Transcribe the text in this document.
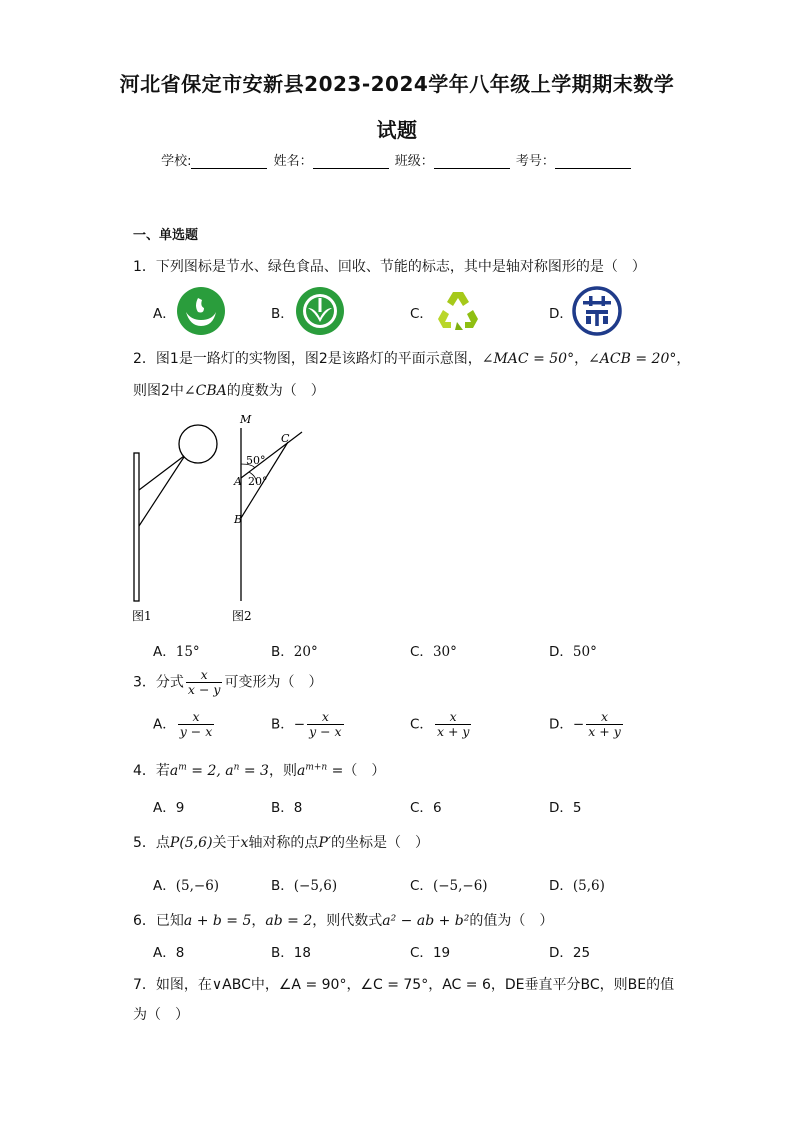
河北省保定市安新县2023-2024学年八年级上学期期末数学
试题
学校:	姓名：	班级：	考号：
一、单选题
1．下列图标是节水、绿色食品、回收、节能的标志，其中是轴对称图形的是（　）
A．	B．	C．	D．
2．图1是一路灯的实物图，图2是该路灯的平面示意图，∠MAC = 50°，∠ACB = 20°，
则图2中∠CBA的度数为（　）
图1
M
C
A
B
50°
20°
图2
A．15°	B．20°	C．30°	D．50°
3．分式 $\frac{x}{x - y}$ 可变形为（　）
A． $\frac{x}{y - x}$	B．− $\frac{x}{y - x}$	C． $\frac{x}{x + y}$	D．− $\frac{x}{x + y}$
4．若$a^m = 2$, $a^n = 3$，则$a^{m+n}$ =（　）
A．9	B．8	C．6	D．5
5．点P(5,6)关于x轴对称的点P′的坐标是（　）
A．(5,−6)	B．(−5,6)	C．(−5,−6)	D．(5,6)
6．已知a + b = 5，ab = 2，则代数式a² − ab + b²的值为（　）
A．8	B．18	C．19	D．25
7．如图，在∨ABC中，∠A = 90°，∠C = 75°，AC = 6，DE垂直平分BC，则BE的值
为（　）
